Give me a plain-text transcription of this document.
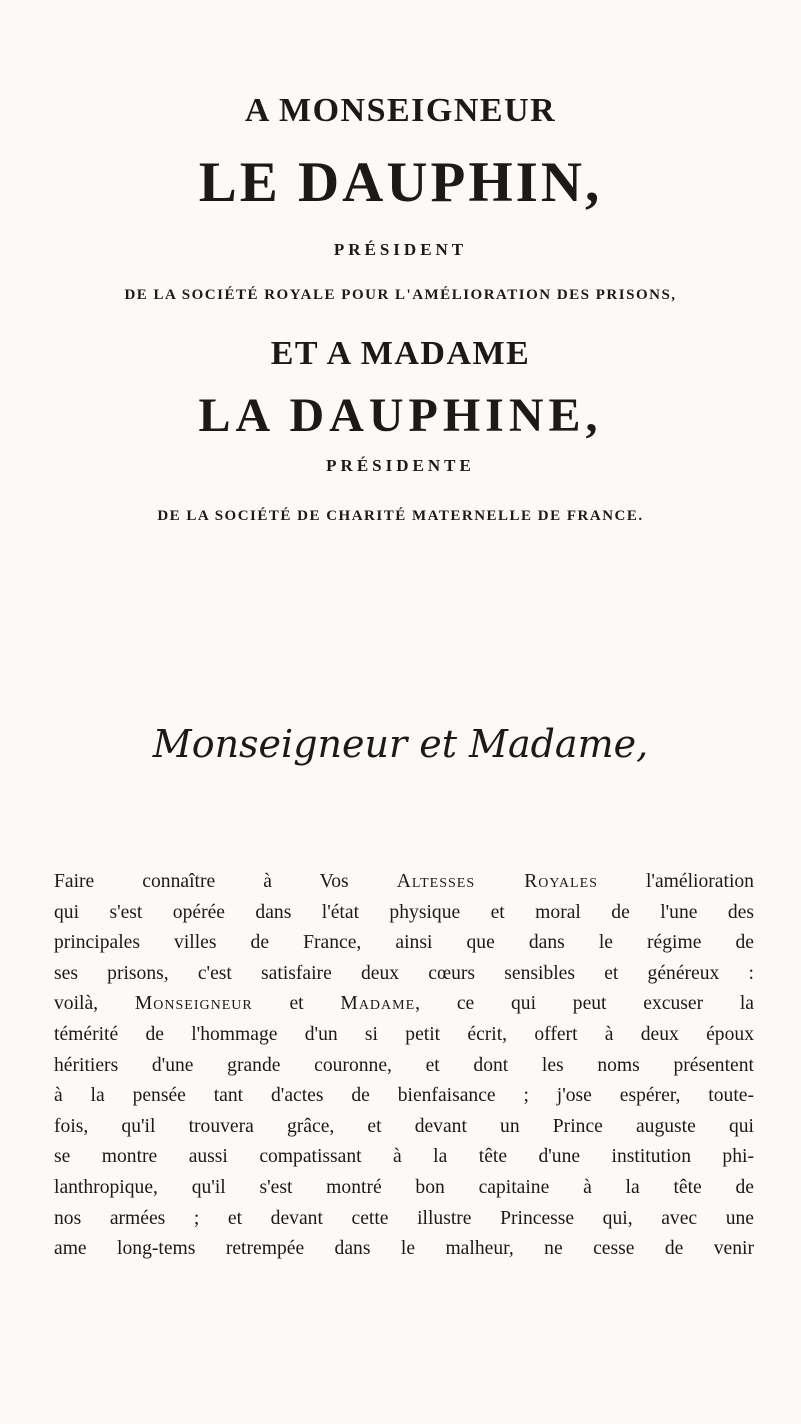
A MONSEIGNEUR
LE DAUPHIN,
PRÉSIDENT
DE LA SOCIÉTÉ ROYALE POUR L'AMÉLIORATION DES PRISONS,
ET A MADAME
LA DAUPHINE,
PRÉSIDENTE
DE LA SOCIÉTÉ DE CHARITÉ MATERNELLE DE FRANCE.
Monseigneur et Madame,
Faire connaître à Vos Altesses Royales l'amélioration
qui s'est opérée dans l'état physique et moral de l'une des
principales villes de France, ainsi que dans le régime de
ses prisons, c'est satisfaire deux cœurs sensibles et généreux :
voilà, Monseigneur et Madame, ce qui peut excuser la
témérité de l'hommage d'un si petit écrit, offert à deux époux
héritiers d'une grande couronne, et dont les noms présentent
à la pensée tant d'actes de bienfaisance ; j'ose espérer, toute-
fois, qu'il trouvera grâce, et devant un Prince auguste qui
se montre aussi compatissant à la tête d'une institution phi-
lanthropique, qu'il s'est montré bon capitaine à la tête de
nos armées ; et devant cette illustre Princesse qui, avec une
ame long-tems retrempée dans le malheur, ne cesse de venir
